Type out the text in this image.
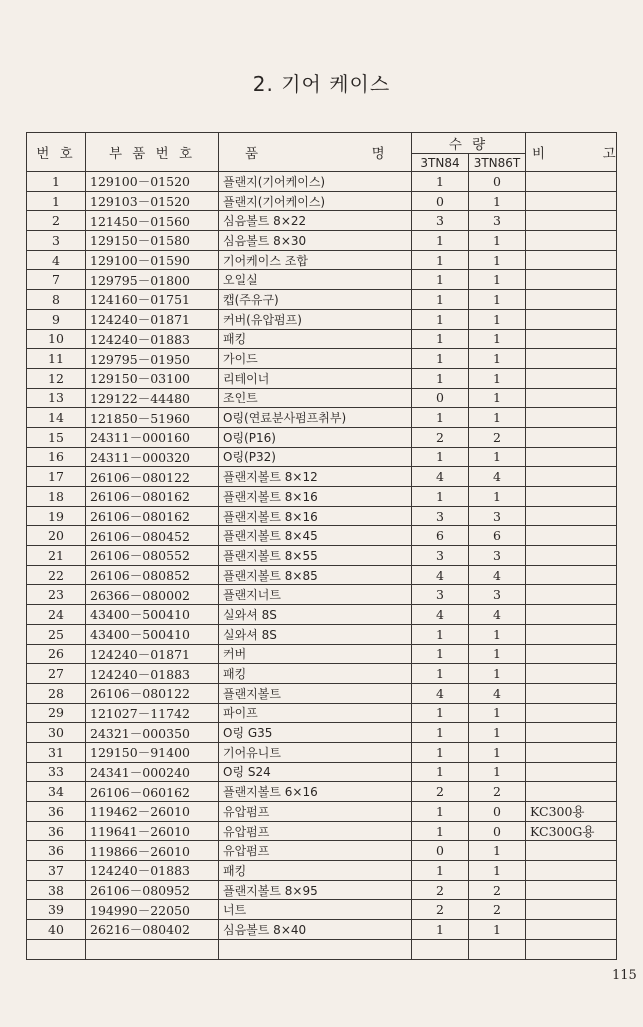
2. 기어 케이스
번 호	부 품 번 호	품 명	수 량		비 고
			3TN84	3TN86T	
1	129100－01520	플랜지(기어케이스)	1	0	
1	129103－01520	플랜지(기어케이스)	0	1	
2	121450－01560	심음볼트 8×22	3	3	
3	129150－01580	심음볼트 8×30	1	1	
4	129100－01590	기어케이스 조합	1	1	
7	129795－01800	오일실	1	1	
8	124160－01751	캡(주유구)	1	1	
9	124240－01871	커버(유압펌프)	1	1	
10	124240－01883	패킹	1	1	
11	129795－01950	가이드	1	1	
12	129150－03100	리테이너	1	1	
13	129122－44480	조인트	0	1	
14	121850－51960	O링(연료분사펌프취부)	1	1	
15	24311－000160	O링(P16)	2	2	
16	24311－000320	O링(P32)	1	1	
17	26106－080122	플랜지볼트 8×12	4	4	
18	26106－080162	플랜지볼트 8×16	1	1	
19	26106－080162	플랜지볼트 8×16	3	3	
20	26106－080452	플랜지볼트 8×45	6	6	
21	26106－080552	플랜지볼트 8×55	3	3	
22	26106－080852	플랜지볼트 8×85	4	4	
23	26366－080002	플랜지너트	3	3	
24	43400－500410	실와셔 8S	4	4	
25	43400－500410	실와셔 8S	1	1	
26	124240－01871	커버	1	1	
27	124240－01883	패킹	1	1	
28	26106－080122	플랜지볼트	4	4	
29	121027－11742	파이프	1	1	
30	24321－000350	O링 G35	1	1	
31	129150－91400	기어유니트	1	1	
33	24341－000240	O링 S24	1	1	
34	26106－060162	플랜지볼트 6×16	2	2	
36	119462－26010	유압펌프	1	0	KC300용
36	119641－26010	유압펌프	1	0	KC300G용
36	119866－26010	유압펌프	0	1	
37	124240－01883	패킹	1	1	
38	26106－080952	플랜지볼트 8×95	2	2	
39	194990－22050	너트	2	2	
40	26216－080402	심음볼트 8×40	1	1	

115
